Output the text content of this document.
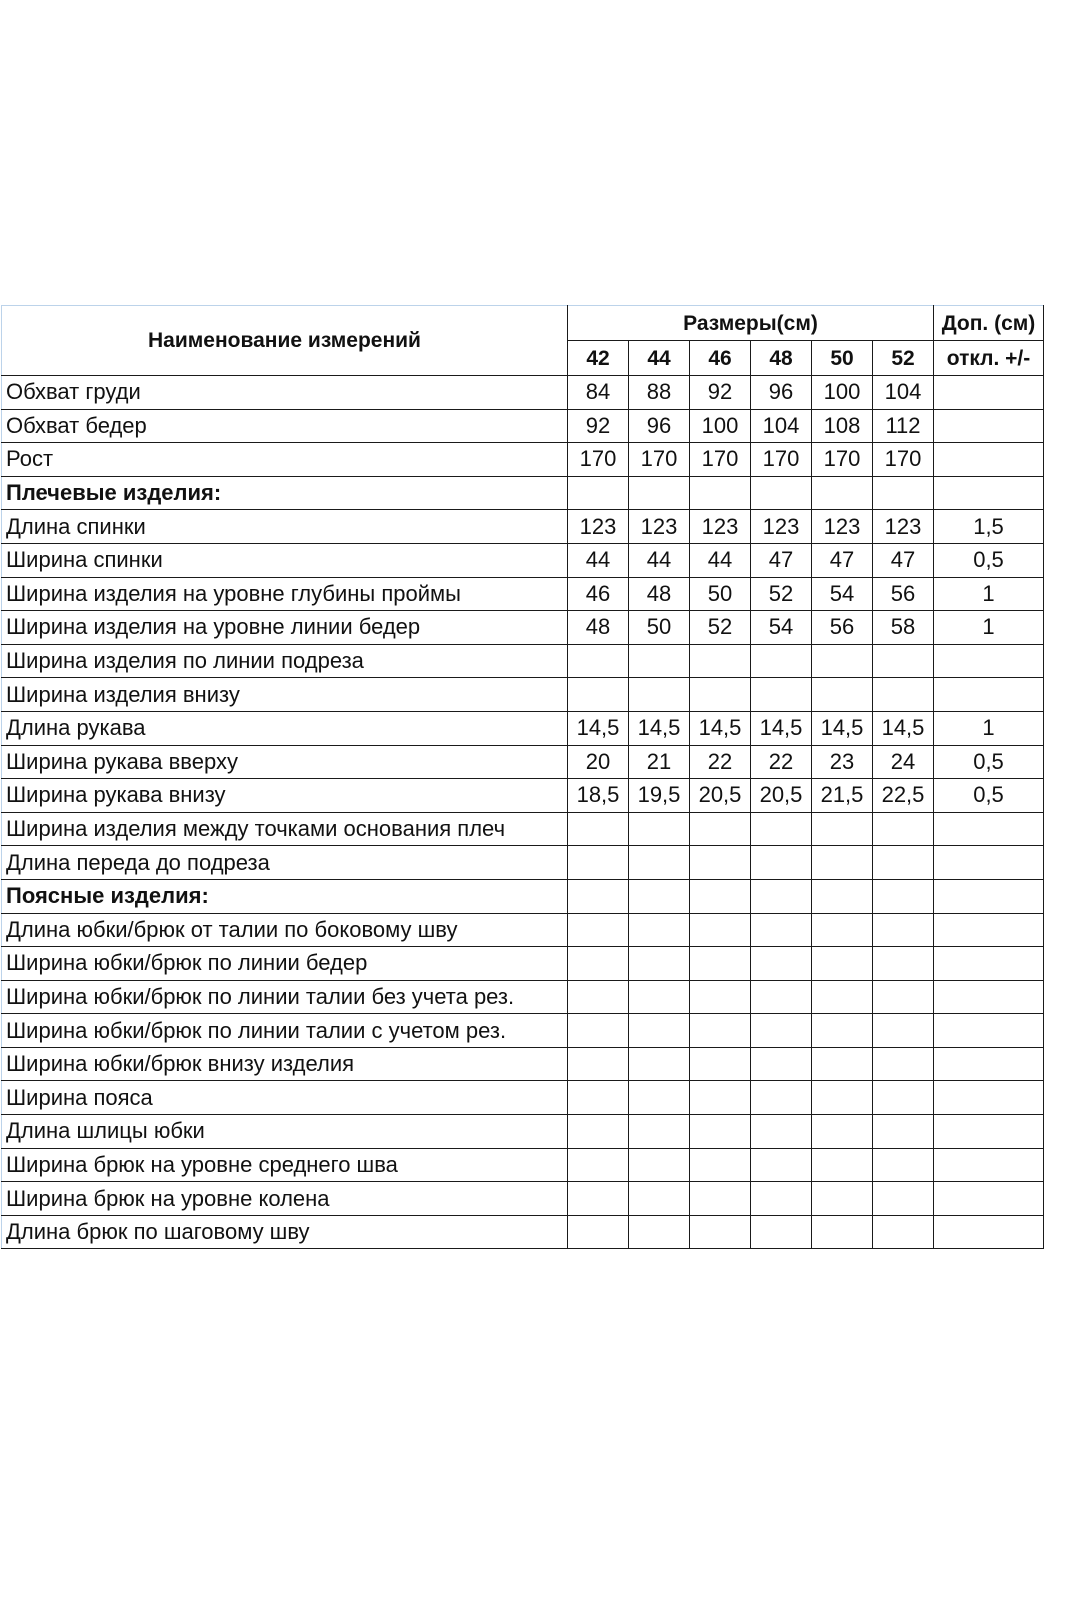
Наименование измерений	Размеры(см)						Доп. (см)
	42	44	46	48	50	52	откл. +/-
Обхват груди	84	88	92	96	100	104	
Обхват бедер	92	96	100	104	108	112	
Рост	170	170	170	170	170	170	
Плечевые изделия:							
Длина спинки	123	123	123	123	123	123	1,5
Ширина спинки	44	44	44	47	47	47	0,5
Ширина изделия на уровне глубины проймы	46	48	50	52	54	56	1
Ширина изделия на уровне линии бедер	48	50	52	54	56	58	1
Ширина изделия по линии подреза							
Ширина изделия внизу							
Длина рукава	14,5	14,5	14,5	14,5	14,5	14,5	1
Ширина рукава вверху	20	21	22	22	23	24	0,5
Ширина рукава внизу	18,5	19,5	20,5	20,5	21,5	22,5	0,5
Ширина изделия между точками основания плеч							
Длина переда до подреза							
Поясные изделия:							
Длина юбки/брюк от талии по боковому шву							
Ширина юбки/брюк по линии бедер							
Ширина юбки/брюк по линии талии без учета рез.							
Ширина юбки/брюк по линии талии с учетом рез.							
Ширина юбки/брюк внизу изделия							
Ширина пояса							
Длина шлицы юбки							
Ширина брюк на уровне среднего шва							
Ширина брюк на уровне колена							
Длина брюк по шаговому шву							
